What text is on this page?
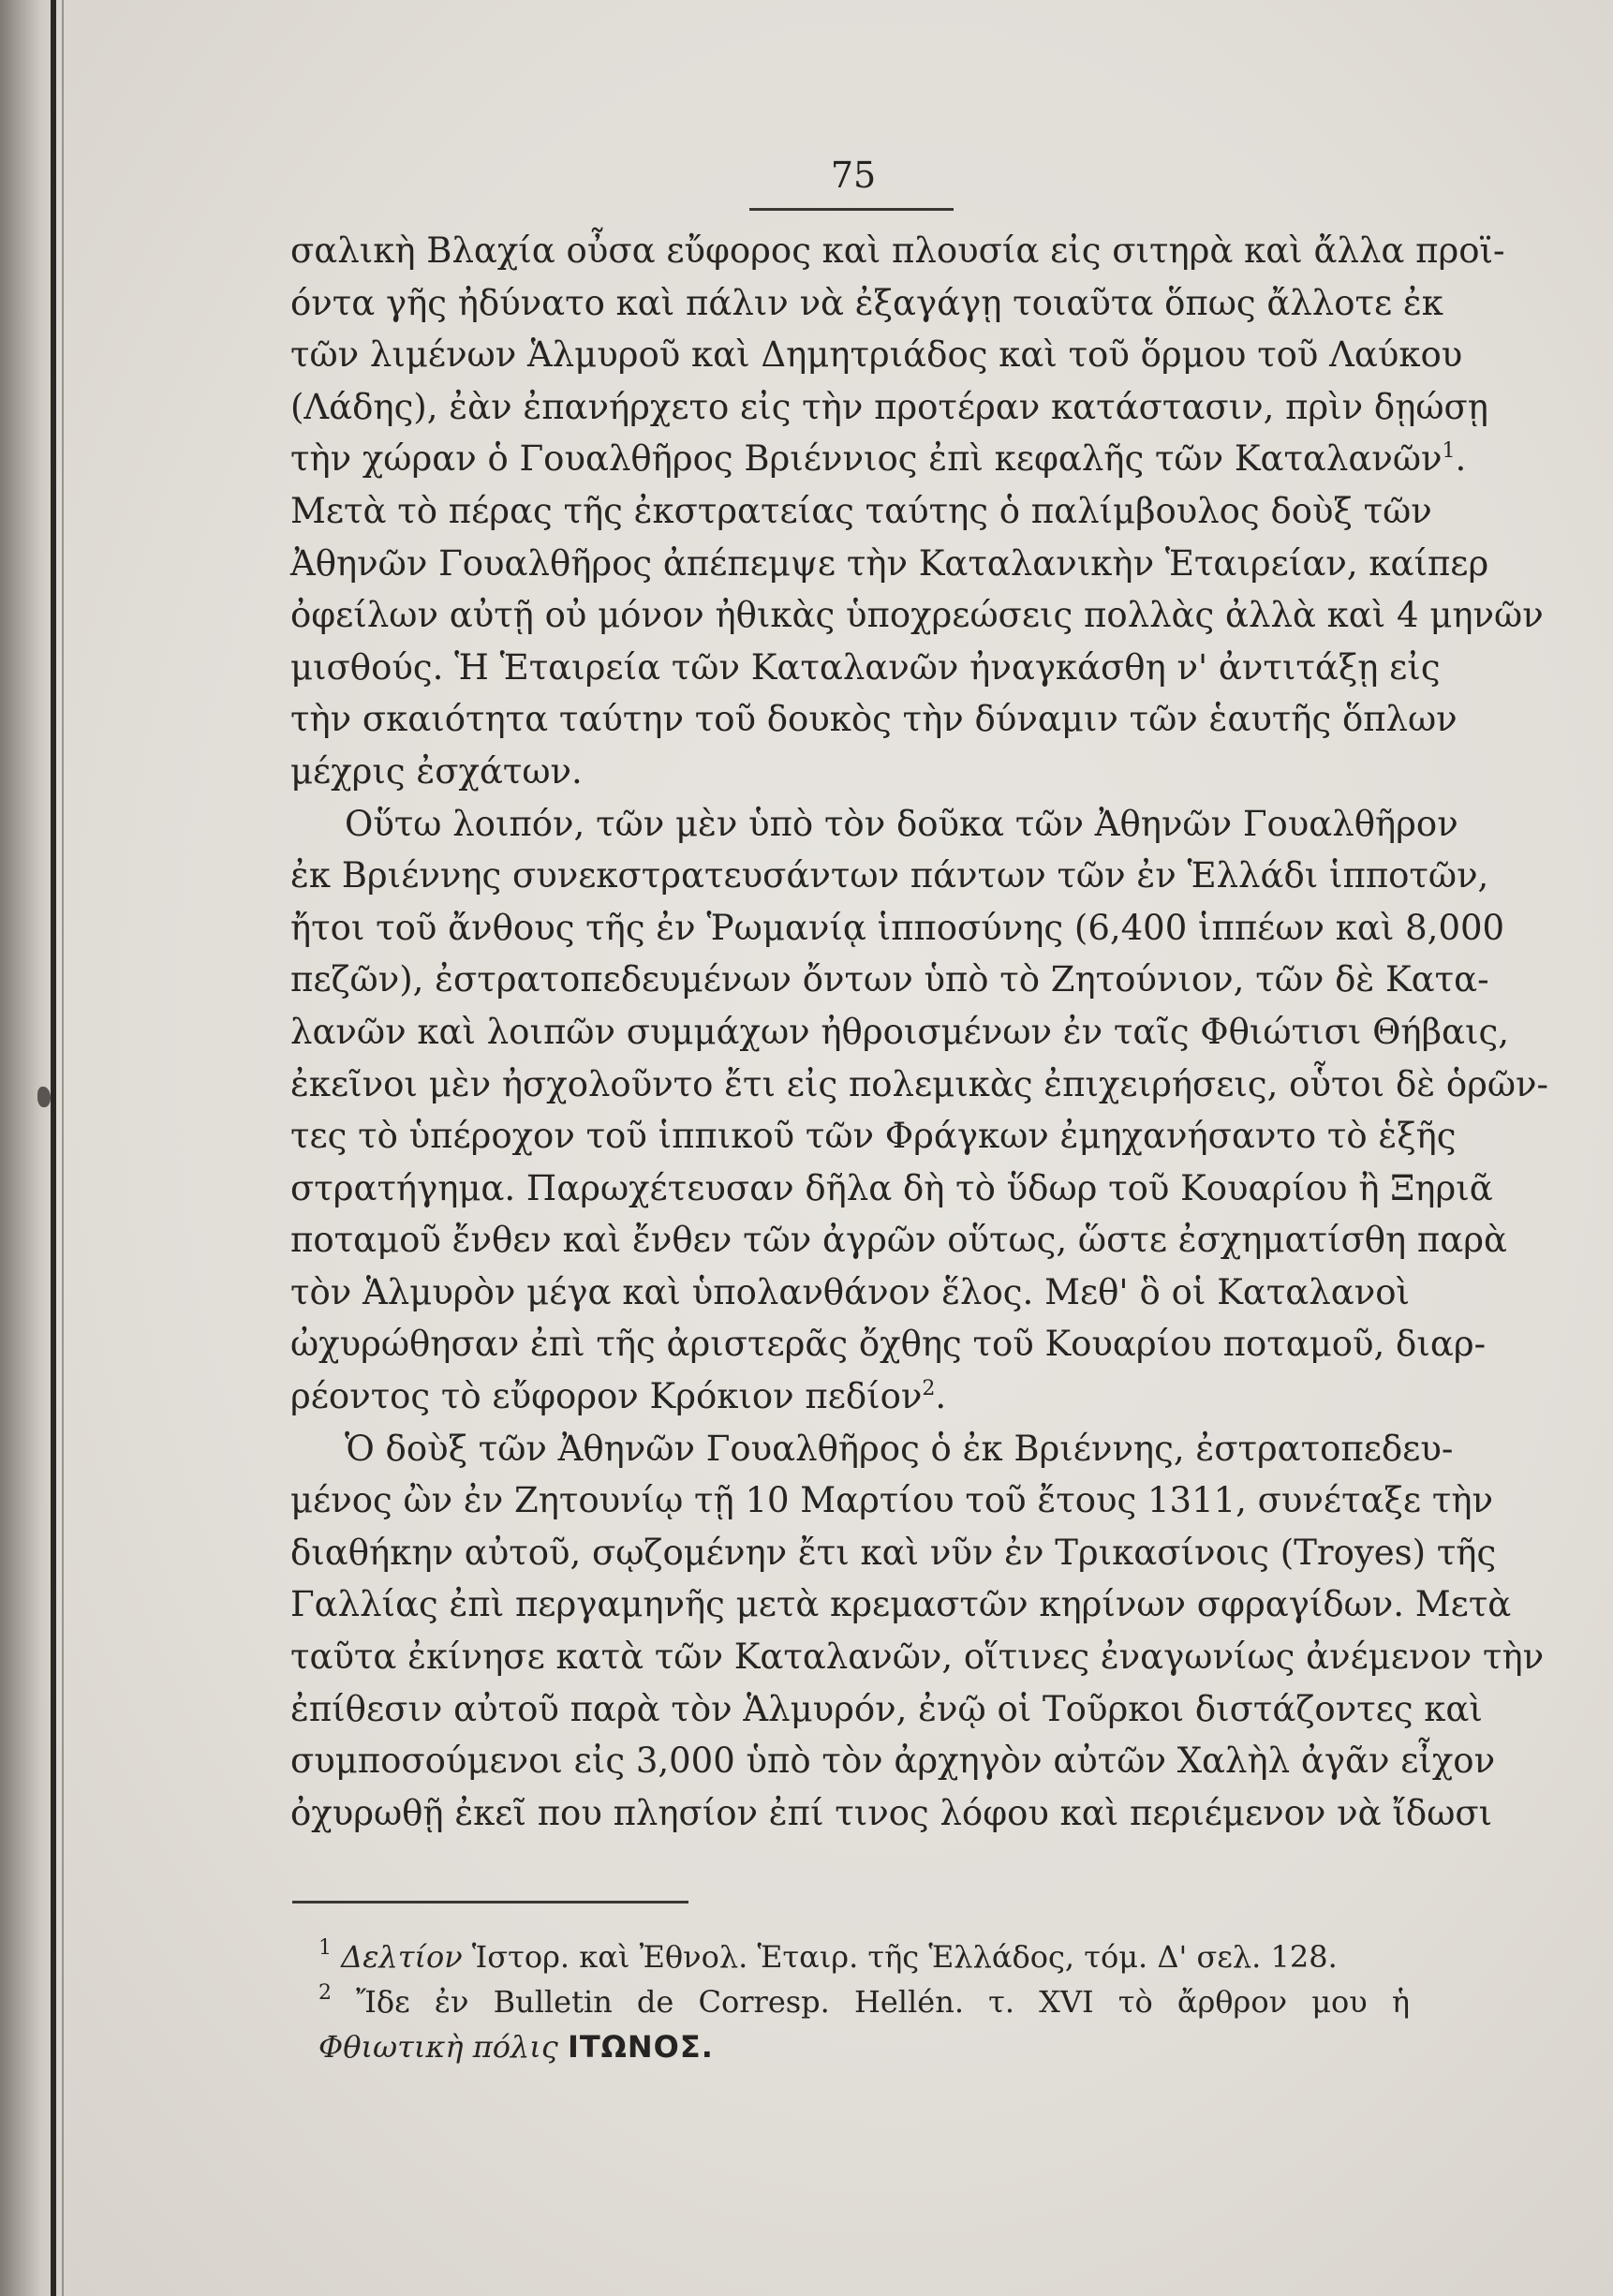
75
σαλικὴ Βλαχία οὖσα εὔφορος καὶ πλουσία εἰς σιτηρὰ καὶ ἄλλα προϊ-
όντα γῆς ἠδύνατο καὶ πάλιν νὰ ἐξαγάγῃ τοιαῦτα ὅπως ἄλλοτε ἐκ
τῶν λιμένων Ἁλμυροῦ καὶ Δημητριάδος καὶ τοῦ ὅρμου τοῦ Λαύκου
(Λάδης), ἐὰν ἐπανήρχετο εἰς τὴν προτέραν κατάστασιν, πρὶν δῃώσῃ
τὴν χώραν ὁ Γουαλθῆρος Βριέννιος ἐπὶ κεφαλῆς τῶν Καταλανῶν$^1$
Μετὰ τὸ πέρας τῆς ἐκστρατείας ταύτης ὁ παλίμβουλος δοὺξ τῶν
Ἀθηνῶν Γουαλθῆρος ἀπέπεμψε τὴν Καταλανικὴν Ἑταιρείαν, καίπερ
ὀφείλων αὐτῇ οὐ μόνον ἠθικὰς ὑποχρεώσεις πολλὰς ἀλλὰ καὶ 4 μηνῶν
μισθούς. Ἡ Ἑταιρεία τῶν Καταλανῶν ἠναγκάσθη ν' ἀντιτάξῃ εἰς
τὴν σκαιότητα ταύτην τοῦ δουκὸς τὴν δύναμιν τῶν ἑαυτῆς ὅπλων
μέχρις ἐσχάτων.
Οὕτω λοιπόν, τῶν μὲν ὑπὸ τὸν δοῦκα τῶν Ἀθηνῶν Γουαλθῆρον
ἐκ Βριέννης συνεκστρατευσάντων πάντων τῶν ἐν Ἑλλάδι ἱπποτῶν,
ἤτοι τοῦ ἄνθους τῆς ἐν Ῥωμανίᾳ ἱπποσύνης (6,400 ἱππέων καὶ 8,000
πεζῶν), ἐστρατοπεδευμένων ὄντων ὑπὸ τὸ Ζητούνιον, τῶν δὲ Κατα-
λανῶν καὶ λοιπῶν συμμάχων ἠθροισμένων ἐν ταῖς Φθιώτισι Θήβαις,
ἐκεῖνοι μὲν ἠσχολοῦντο ἔτι εἰς πολεμικὰς ἐπιχειρήσεις, οὗτοι δὲ ὁρῶν-
τες τὸ ὑπέροχον τοῦ ἱππικοῦ τῶν Φράγκων ἐμηχανήσαντο τὸ ἑξῆς
στρατήγημα. Παρωχέτευσαν δῆλα δὴ τὸ ὕδωρ τοῦ Κουαρίου ἢ Ξηριᾶ
ποταμοῦ ἔνθεν καὶ ἔνθεν τῶν ἀγρῶν οὕτως, ὥστε ἐσχηματίσθη παρὰ
τὸν Ἁλμυρὸν μέγα καὶ ὑπολανθάνον ἕλος. Μεθ' ὃ οἱ Καταλανοὶ
ὠχυρώθησαν ἐπὶ τῆς ἀριστερᾶς ὄχθης τοῦ Κουαρίου ποταμοῦ, διαρ-
ρέοντος τὸ εὔφορον Κρόκιον πεδίον$^2$.
Ὁ δοὺξ τῶν Ἀθηνῶν Γουαλθῆρος ὁ ἐκ Βριέννης, ἐστρατοπεδευ-
μένος ὢν ἐν Ζητουνίῳ τῇ 10 Μαρτίου τοῦ ἔτους 1311, συνέταξε τὴν
διαθήκην αὐτοῦ, σῳζομένην ἔτι καὶ νῦν ἐν Τρικασίνοις (Troyes) τῆς
Γαλλίας ἐπὶ περγαμηνῆς μετὰ κρεμαστῶν κηρίνων σφραγίδων. Μετὰ
ταῦτα ἐκίνησε κατὰ τῶν Καταλανῶν, οἵτινες ἐναγωνίως ἀνέμενον τὴν
ἐπίθεσιν αὐτοῦ παρὰ τὸν Ἁλμυρόν, ἐνῷ οἱ Τοῦρκοι διστάζοντες καὶ
συμποσούμενοι εἰς 3,000 ὑπὸ τὸν ἀρχηγὸν αὐτῶν Χαλὴλ ἀγᾶν εἶχον
ὀχυρωθῇ ἐκεῖ που πλησίον ἐπί τινος λόφου καὶ περιέμενον νὰ ἴδωσι
$^1$ Δελτίον Ἱστορ. καὶ Ἐθνολ. Ἑταιρ. τῆς Ἑλλάδος, τόμ. Δ' σελ. 128.
$^2$ Ἴδε ἐν Bulletin de Corresp. Hellén. τ. XVI τὸ ἄρθρον μου ἡ
Φθιωτικὴ πόλις ΙΤΩΝΟΣ.
